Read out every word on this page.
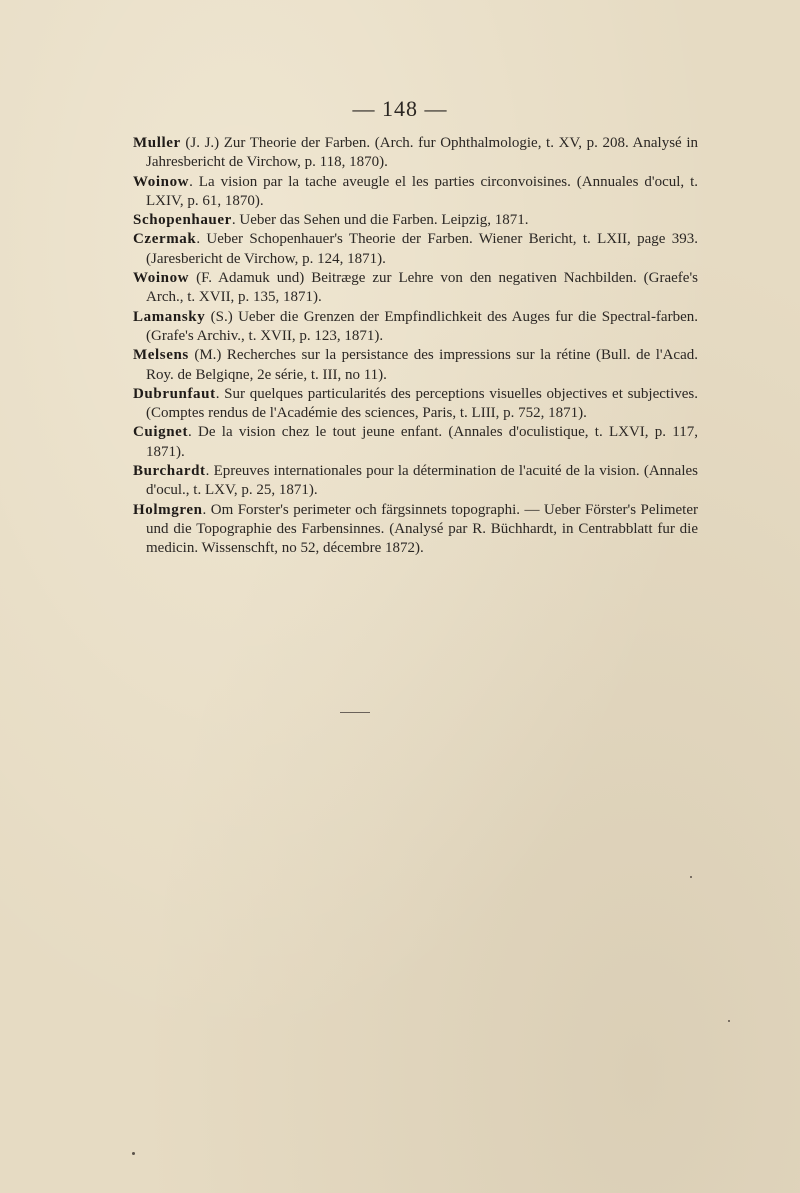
— 148 —

Muller (J. J.) Zur Theorie der Farben. (Arch. fur Ophthalmologie, t. XV, p. 208. Analysé in Jahresbericht de Virchow, p. 118, 1870).

Woinow. La vision par la tache aveugle el les parties circonvoisines. (Annuales d'ocul, t. LXIV, p. 61, 1870).

Schopenhauer. Ueber das Sehen und die Farben. Leipzig, 1871.

Czermak. Ueber Schopenhauer's Theorie der Farben. Wiener Bericht, t. LXII, page 393. (Jaresbericht de Virchow, p. 124, 1871).

Woinow (F. Adamuk und) Beitræge zur Lehre von den negativen Nachbilden. (Graefe's Arch., t. XVII, p. 135, 1871).

Lamansky (S.) Ueber die Grenzen der Empfindlichkeit des Auges fur die Spectral-farben. (Grafe's Archiv., t. XVII, p. 123, 1871).

Melsens (M.) Recherches sur la persistance des impressions sur la rétine (Bull. de l'Acad. Roy. de Belgiqne, 2e série, t. III, no 11).

Dubrunfaut. Sur quelques particularités des perceptions visuelles objectives et subjectives. (Comptes rendus de l'Académie des sciences, Paris, t. LIII, p. 752, 1871).

Cuignet. De la vision chez le tout jeune enfant. (Annales d'oculistique, t. LXVI, p. 117, 1871).

Burchardt. Epreuves internationales pour la détermination de l'acuité de la vision. (Annales d'ocul., t. LXV, p. 25, 1871).

Holmgren. Om Forster's perimeter och färgsinnets topographi. — Ueber Förster's Pelimeter und die Topographie des Farbensinnes. (Analysé par R. Büchhardt, in Centrabblatt fur die medicin. Wissenschft, no 52, décembre 1872).
